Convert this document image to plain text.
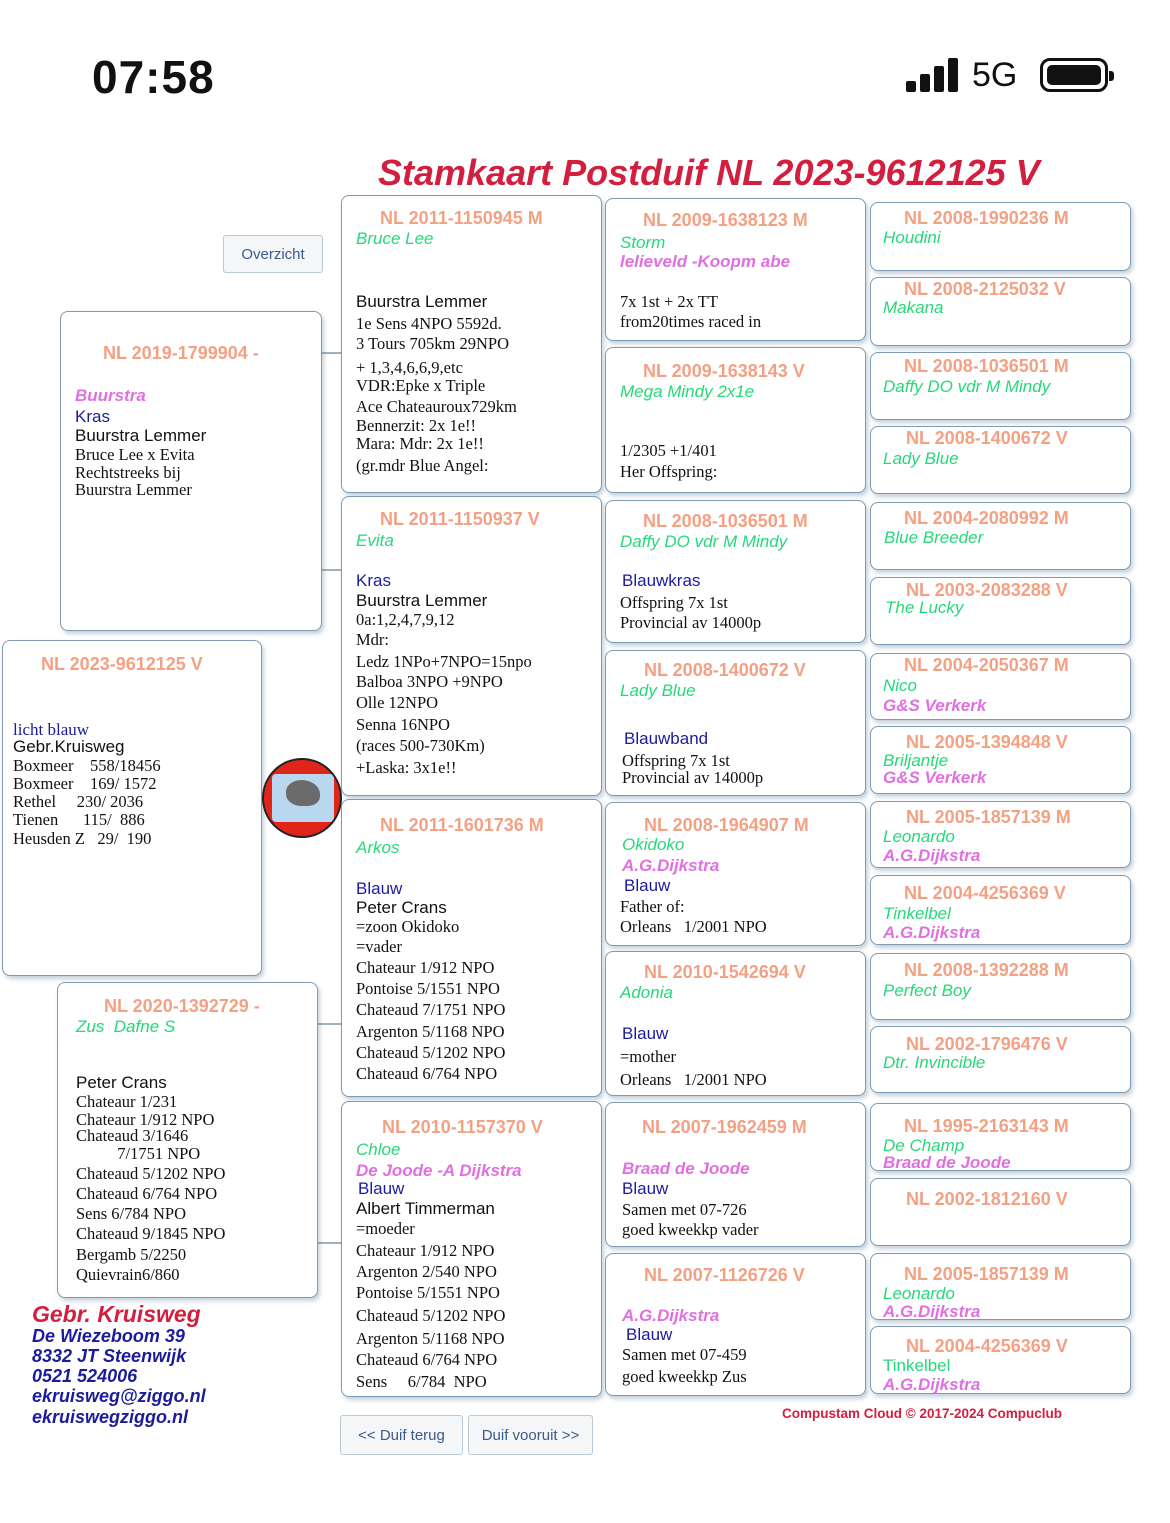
07:58	5G
Stamkaart Postduif NL 2023-9612125 V
Overzicht
NL 2019-1799904 -
Buurstra
Kras
Buurstra Lemmer
Bruce Lee x Evita
Rechtstreeks bij
Buurstra Lemmer
NL 2023-9612125 V
licht blauw
Gebr.Kruisweg
Boxmeer    558/18456
Boxmeer    169/ 1572
Rethel     230/ 2036
Tienen      115/  886
Heusden Z   29/  190
NL 2020-1392729 -
Zus  Dafne S
Peter Crans
Chateaur 1/231
Chateaur 1/912 NPO
Chateaud 3/1646
7/1751 NPO
Chateaud 5/1202 NPO
Chateaud 6/764 NPO
Sens 6/784 NPO
Chateaud 9/1845 NPO
Bergamb 5/2250
Quievrain6/860
NL 2011-1150945 M
Bruce Lee
Buurstra Lemmer
1e Sens 4NPO 5592d.
3 Tours 705km 29NPO
+ 1,3,4,6,6,9,etc
VDR:Epke x Triple
Ace Chateauroux729km
Bennerzit: 2x 1e!!
Mara: Mdr: 2x 1e!!
(gr.mdr Blue Angel:
NL 2011-1150937 V
Evita
Kras
Buurstra Lemmer
0a:1,2,4,7,9,12
Mdr:
Ledz 1NPo+7NPO=15npo
Balboa 3NPO +9NPO
Olle 12NPO
Senna 16NPO
(races 500-730Km)
+Laska: 3x1e!!
NL 2011-1601736 M
Arkos
Blauw
Peter Crans
=zoon Okidoko
=vader
Chateaur 1/912 NPO
Pontoise 5/1551 NPO
Chateaud 7/1751 NPO
Argenton 5/1168 NPO
Chateaud 5/1202 NPO
Chateaud 6/764 NPO
NL 2010-1157370 V
Chloe
De Joode -A Dijkstra
Blauw
Albert Timmerman
=moeder
Chateaur 1/912 NPO
Argenton 2/540 NPO
Pontoise 5/1551 NPO
Chateaud 5/1202 NPO
Argenton 5/1168 NPO
Chateaud 6/764 NPO
Sens     6/784  NPO
NL 2009-1638123 M
Storm
lelieveld -Koopm abe
7x 1st + 2x TT
from20times raced in
NL 2009-1638143 V
Mega Mindy 2x1e
1/2305 +1/401
Her Offspring:
NL 2008-1036501 M
Daffy DO vdr M Mindy
Blauwkras
Offspring 7x 1st
Provincial av 14000p
NL 2008-1400672 V
Lady Blue
Blauwband
Offspring 7x 1st
Provincial av 14000p
NL 2008-1964907 M
Okidoko
A.G.Dijkstra
Blauw
Father of:
Orleans   1/2001 NPO
NL 2010-1542694 V
Adonia
Blauw
=mother
Orleans   1/2001 NPO
NL 2007-1962459 M
Braad de Joode
Blauw
Samen met 07-726
goed kweekkp vader
NL 2007-1126726 V
A.G.Dijkstra
Blauw
Samen met 07-459
goed kweekkp Zus
NL 2008-1990236 M
Houdini
NL 2008-2125032 V
Makana
NL 2008-1036501 M
Daffy DO vdr M Mindy
NL 2008-1400672 V
Lady Blue
NL 2004-2080992 M
Blue Breeder
NL 2003-2083288 V
The Lucky
NL 2004-2050367 M
Nico
G&S Verkerk
NL 2005-1394848 V
Briljantje
G&S Verkerk
NL 2005-1857139 M
Leonardo
A.G.Dijkstra
NL 2004-4256369 V
Tinkelbel
A.G.Dijkstra
NL 2008-1392288 M
Perfect Boy
NL 2002-1796476 V
Dtr. Invincible
NL 1995-2163143 M
De Champ
Braad de Joode
NL 2002-1812160 V
NL 2005-1857139 M
Leonardo
A.G.Dijkstra
NL 2004-4256369 V
Tinkelbel
A.G.Dijkstra
Gebr. Kruisweg
De Wiezeboom 39
8332 JT Steenwijk
0521 524006
ekruisweg@ziggo.nl
ekruiswegziggo.nl
<< Duif terug	Duif vooruit >>
Compustam Cloud © 2017-2024 Compuclub
